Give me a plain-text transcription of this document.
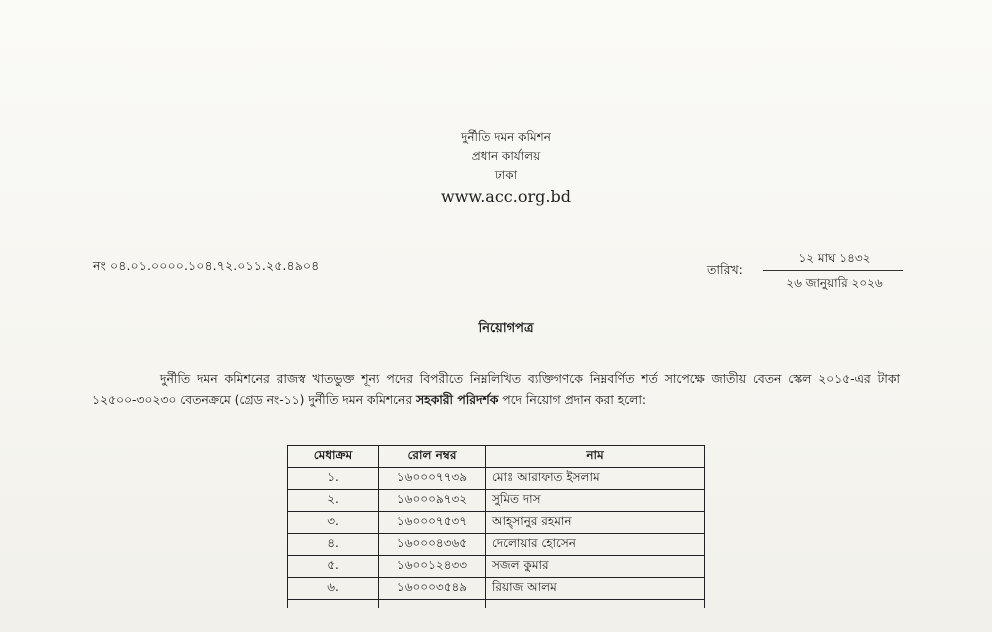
দুর্নীতি দমন কমিশন
প্রধান কার্যালয়
ঢাকা
www.acc.org.bd
নং ০৪.০১.০০০০.১০৪.৭২.০১১.২৫.৪৯০৪	তারিখ:
১২ মাঘ ১৪৩২
২৬ জানুয়ারি ২০২৬
নিয়োগপত্র

দুর্নীতি দমন কমিশনের রাজস্ব খাতভুক্ত শূন্য পদের বিপরীতে নিম্নলিখিত ব্যক্তিগণকে নিম্নবর্ণিত শর্ত সাপেক্ষে জাতীয় বেতন স্কেল ২০১৫-এর টাকা ১২৫০০-৩০২৩০ বেতনক্রমে (গ্রেড নং-১১) দুর্নীতি দমন কমিশনের সহকারী পরিদর্শক পদে নিয়োগ প্রদান করা হলো:

মেধাক্রম	রোল নম্বর	নাম
১.	১৬০০০৭৭৩৯	মোঃ আরাফাত ইসলাম
২.	১৬০০০৯৭৩২	সুমিত দাস
৩.	১৬০০০৭৫৩৭	আহ্‌সানুর রহমান
৪.	১৬০০০৪৩৬৫	দেলোয়ার হোসেন
৫.	১৬০০১২৪৩৩	সজল কুমার
৬.	১৬০০০৩৫৪৯	রিয়াজ আলম
